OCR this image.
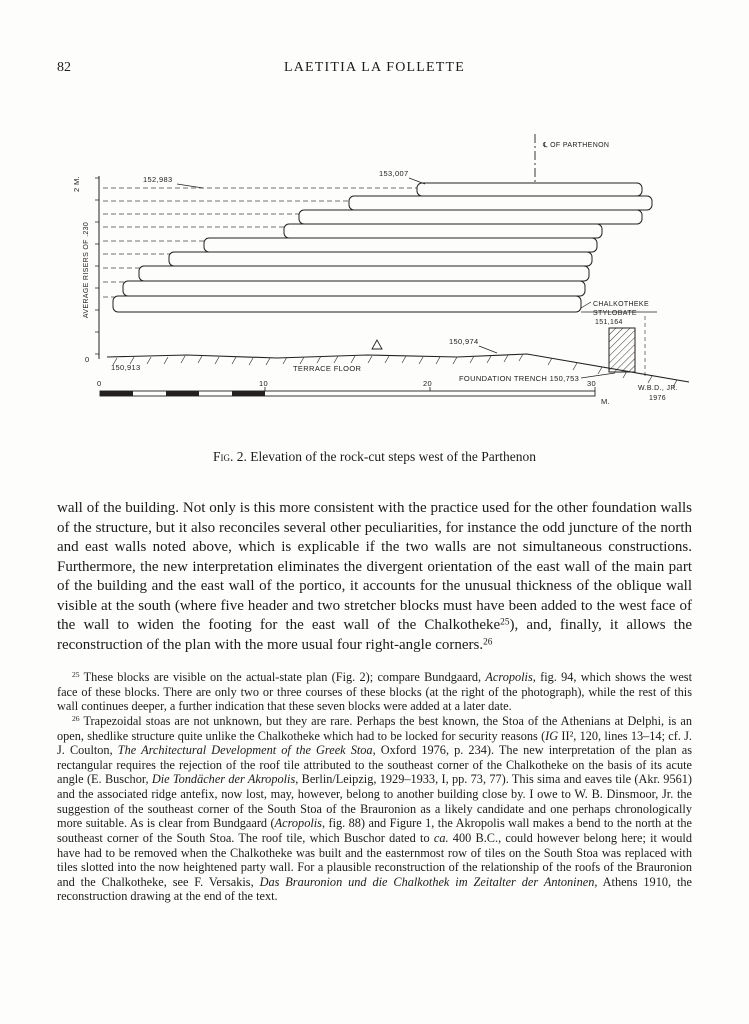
82	LAETITIA LA FOLLETTE
℄ OF PARTHENON
2 M.
AVERAGE RISERS OF .230
0
152,983
153,007
CHALKOTHEKE
STYLOBATE
151,164
150,913	TERRACE FLOOR
150,974
FOUNDATION TRENCH 150,753
0	10	20	30
M.
W.B.D., JR.
1976
Fig. 2. Elevation of the rock-cut steps west of the Parthenon

wall of the building. Not only is this more consistent with the practice used for the other foundation walls of the structure, but it also reconciles several other peculiarities, for instance the odd juncture of the north and east walls noted above, which is explicable if the two walls are not simultaneous constructions. Furthermore, the new interpretation eliminates the divergent orientation of the east wall of the main part of the building and the east wall of the portico, it accounts for the unusual thickness of the oblique wall visible at the south (where five header and two stretcher blocks must have been added to the west face of the wall to widen the footing for the east wall of the Chalkotheke$^{25}$), and, finally, it allows the reconstruction of the plan with the more usual four right-angle corners.$^{26}$

$^{25}$ These blocks are visible on the actual-state plan (Fig. 2); compare Bundgaard, Acropolis, fig. 94, which shows the west face of these blocks. There are only two or three courses of these blocks (at the right of the photograph), while the rest of this wall continues deeper, a further indication that these seven blocks were added at a later date.

$^{26}$ Trapezoidal stoas are not unknown, but they are rare. Perhaps the best known, the Stoa of the Athenians at Delphi, is an open, shedlike structure quite unlike the Chalkotheke which had to be locked for security reasons (IG II², 120, lines 13–14; cf. J. J. Coulton, The Architectural Development of the Greek Stoa, Oxford 1976, p. 234). The new interpretation of the plan as rectangular requires the rejection of the roof tile attributed to the southeast corner of the Chalkotheke on the basis of its acute angle (E. Buschor, Die Tondächer der Akropolis, Berlin/Leipzig, 1929–1933, I, pp. 73, 77). This sima and eaves tile (Akr. 9561) and the associated ridge antefix, now lost, may, however, belong to another building close by. I owe to W. B. Dinsmoor, Jr. the suggestion of the southeast corner of the South Stoa of the Brauronion as a likely candidate and one perhaps chronologically more suitable. As is clear from Bundgaard (Acropolis, fig. 88) and Figure 1, the Akropolis wall makes a bend to the north at the southeast corner of the South Stoa. The roof tile, which Buschor dated to ca. 400 B.C., could however belong here; it would have had to be removed when the Chalkotheke was built and the easternmost row of tiles on the South Stoa was replaced with tiles slotted into the now heightened party wall. For a plausible reconstruction of the relationship of the roofs of the Brauronion and the Chalkotheke, see F. Versakis, Das Brauronion und die Chalkothek im Zeitalter der Antoninen, Athens 1910, the reconstruction drawing at the end of the text.
